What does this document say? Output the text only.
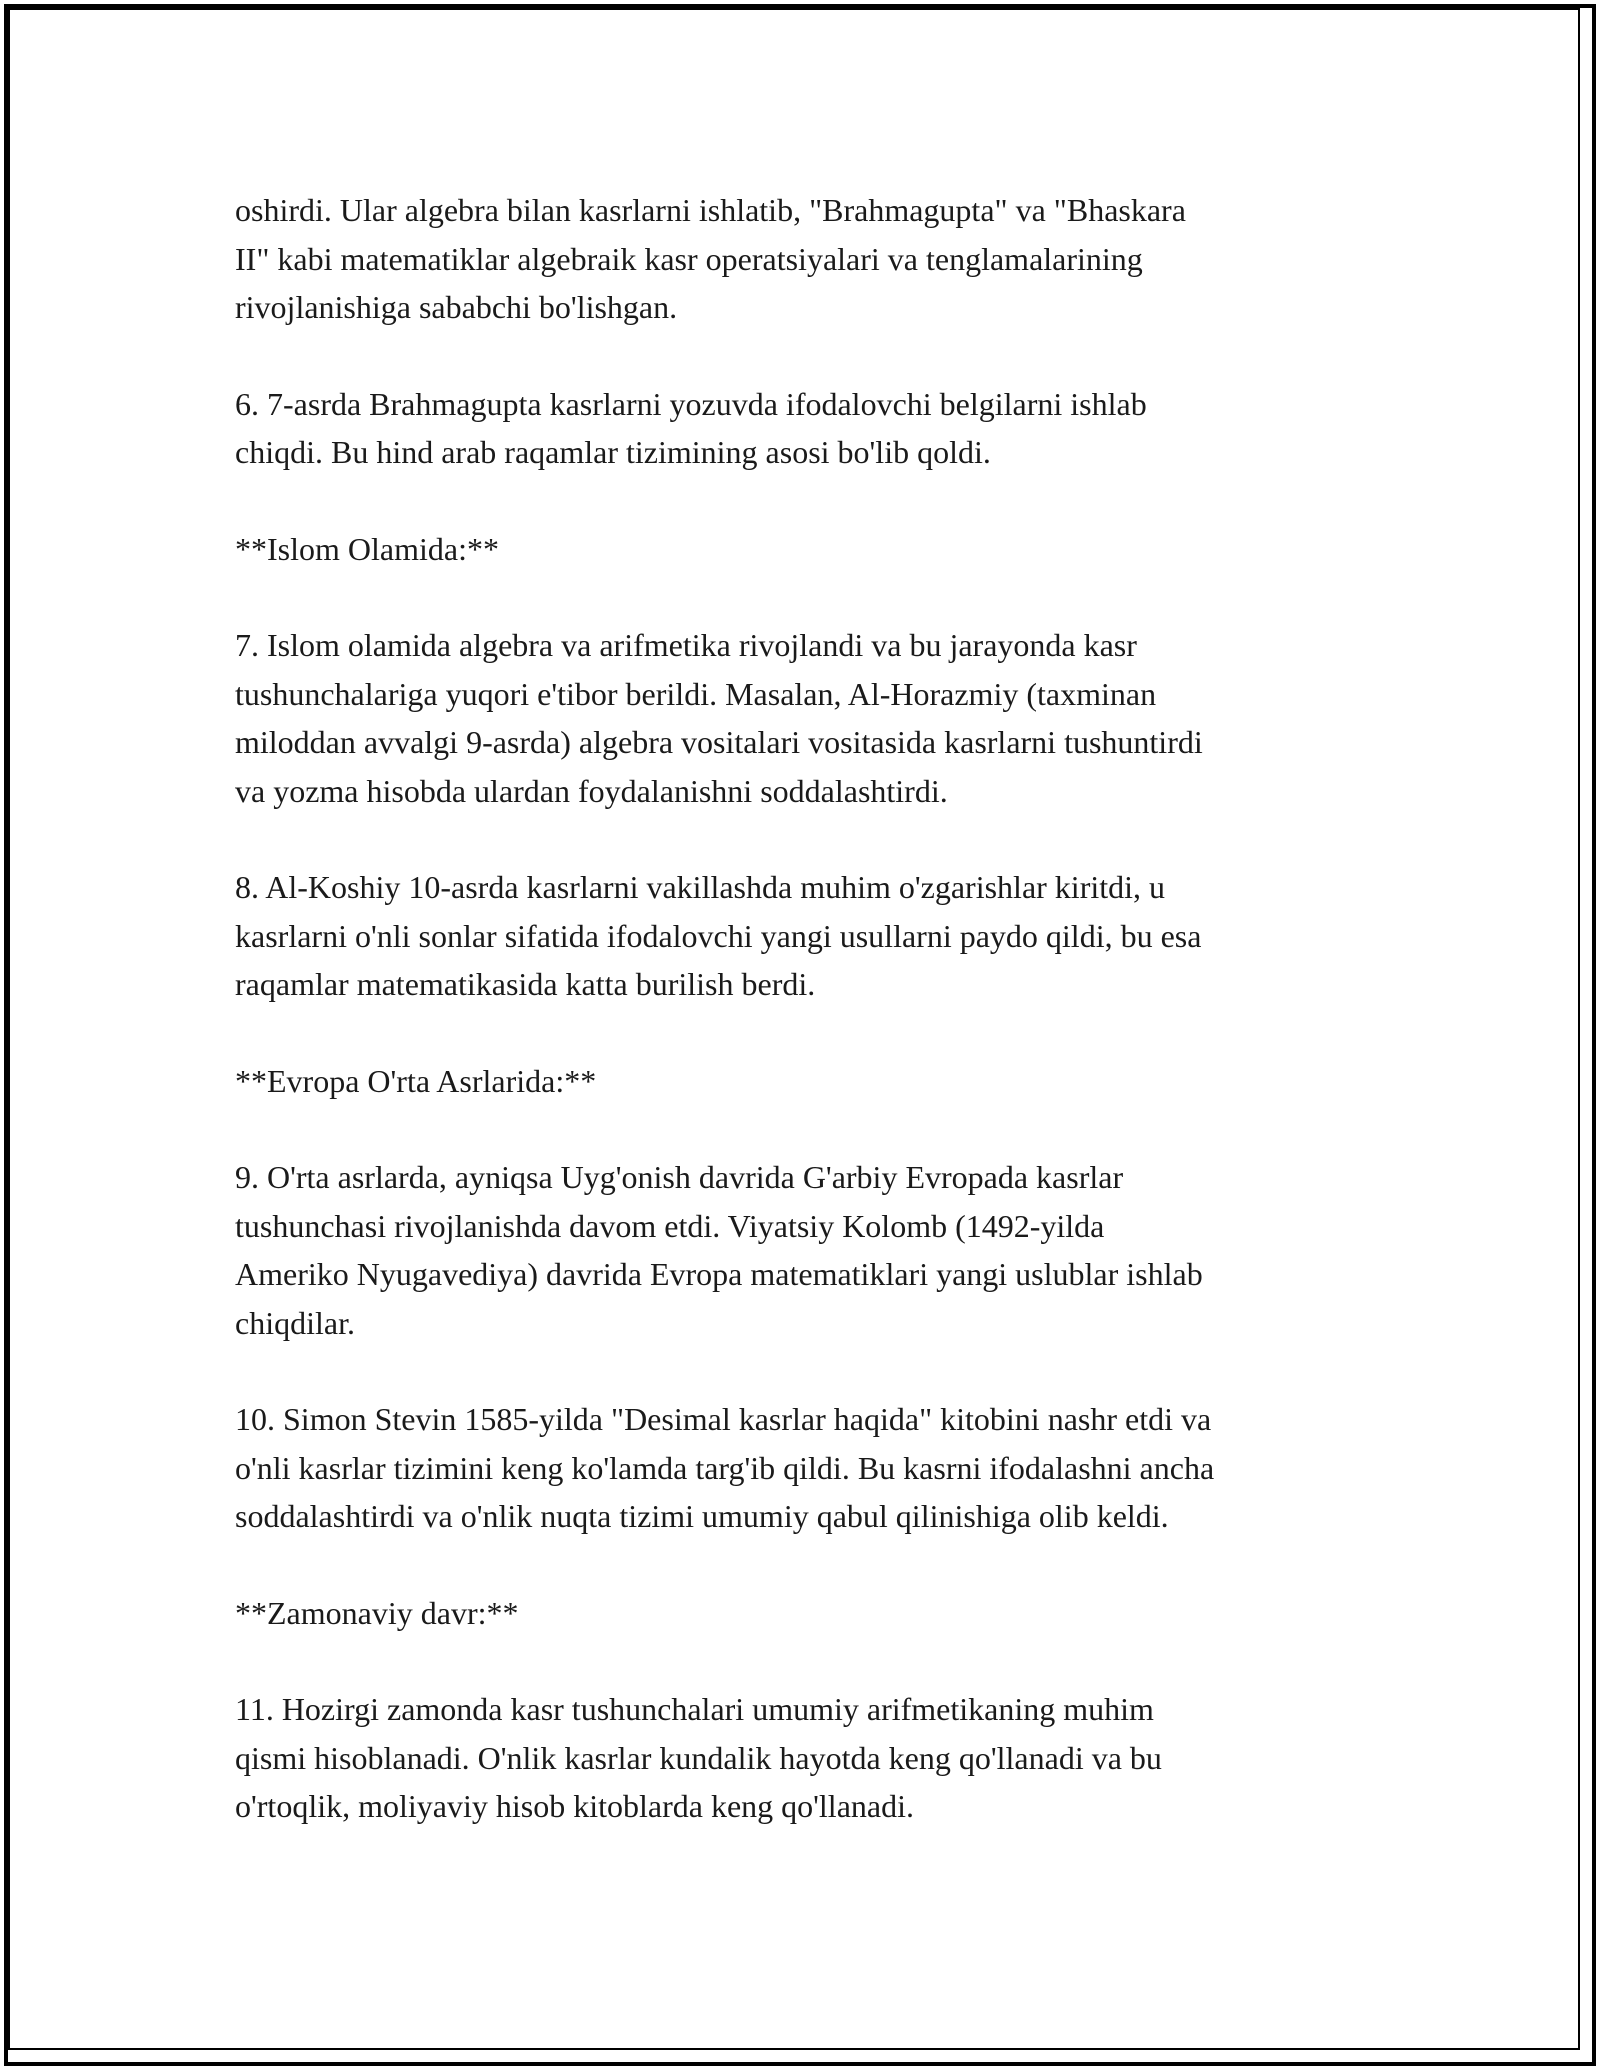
oshirdi. Ular algebra bilan kasrlarni ishlatib, "Brahmagupta" va "Bhaskara
II" kabi matematiklar algebraik kasr operatsiyalari va tenglamalarining
rivojlanishiga sababchi bo'lishgan.

6. 7-asrda Brahmagupta kasrlarni yozuvda ifodalovchi belgilarni ishlab
chiqdi. Bu hind arab raqamlar tizimining asosi bo'lib qoldi.

**Islom Olamida:**

7. Islom olamida algebra va arifmetika rivojlandi va bu jarayonda kasr
tushunchalariga yuqori e'tibor berildi. Masalan, Al-Horazmiy (taxminan
miloddan avvalgi 9-asrda) algebra vositalari vositasida kasrlarni tushuntirdi
va yozma hisobda ulardan foydalanishni soddalashtirdi.

8. Al-Koshiy 10-asrda kasrlarni vakillashda muhim o'zgarishlar kiritdi, u
kasrlarni o'nli sonlar sifatida ifodalovchi yangi usullarni paydo qildi, bu esa
raqamlar matematikasida katta burilish berdi.

**Evropa O'rta Asrlarida:**

9. O'rta asrlarda, ayniqsa Uyg'onish davrida G'arbiy Evropada kasrlar
tushunchasi rivojlanishda davom etdi. Viyatsiy Kolomb (1492-yilda
Ameriko Nyugavediya) davrida Evropa matematiklari yangi uslublar ishlab
chiqdilar.

10. Simon Stevin 1585-yilda "Desimal kasrlar haqida" kitobini nashr etdi va
o'nli kasrlar tizimini keng ko'lamda targ'ib qildi. Bu kasrni ifodalashni ancha
soddalashtirdi va o'nlik nuqta tizimi umumiy qabul qilinishiga olib keldi.

**Zamonaviy davr:**

11. Hozirgi zamonda kasr tushunchalari umumiy arifmetikaning muhim
qismi hisoblanadi. O'nlik kasrlar kundalik hayotda keng qo'llanadi va bu
o'rtoqlik, moliyaviy hisob kitoblarda keng qo'llanadi.
